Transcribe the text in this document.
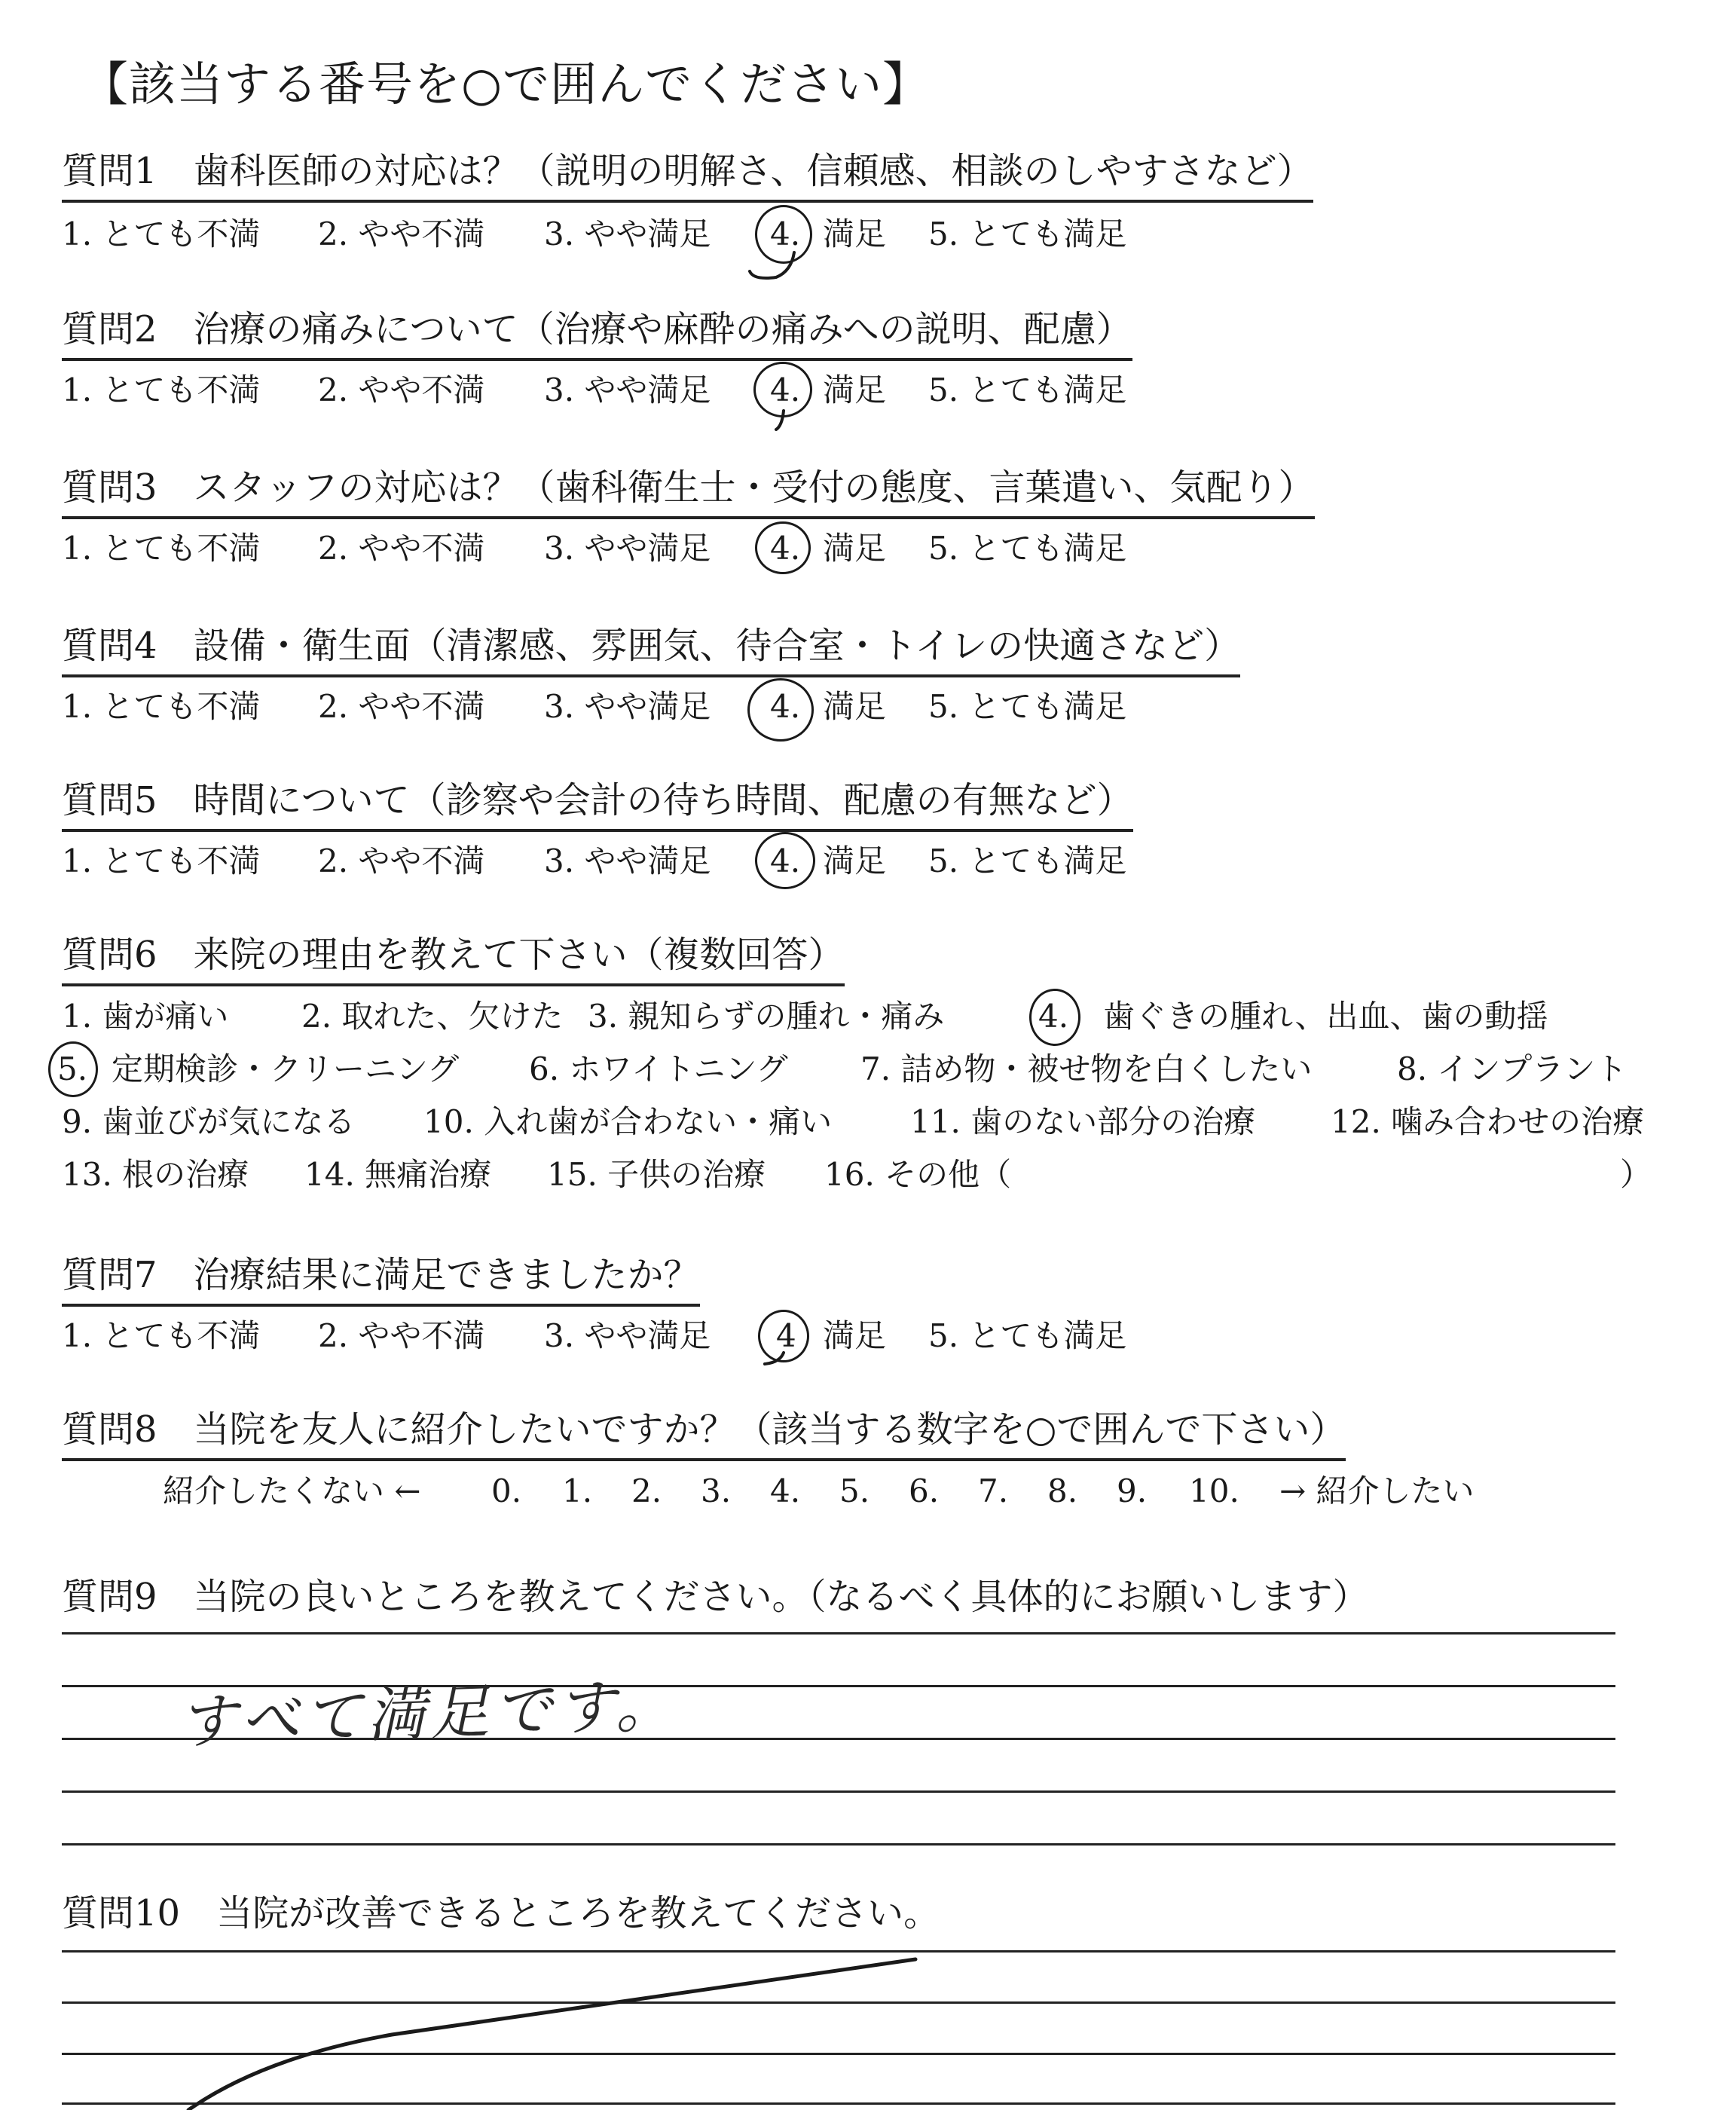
【該当する番号を○で囲んでください】
質問1　歯科医師の対応は？（説明の明解さ、信頼感、相談のしやすさなど）
1. とても不満 2. やや不満 3. やや満足 4. 満足 5. とても満足
質問2　治療の痛みについて（治療や麻酔の痛みへの説明、配慮）
1. とても不満 2. やや不満 3. やや満足 4. 満足 5. とても満足
質問3　スタッフの対応は？（歯科衛生士・受付の態度、言葉遣い、気配り）
1. とても不満 2. やや不満 3. やや満足 4. 満足 5. とても満足
質問4　設備・衛生面（清潔感、雰囲気、待合室・トイレの快適さなど）
1. とても不満 2. やや不満 3. やや満足 4. 満足 5. とても満足
質問5　時間について（診察や会計の待ち時間、配慮の有無など）
1. とても不満 2. やや不満 3. やや満足 4. 満足 5. とても満足
質問6　来院の理由を教えて下さい（複数回答）
1. 歯が痛い 2. 取れた、欠けた 3. 親知らずの腫れ・痛み	4. 歯ぐきの腫れ、出血、歯の動揺
5. 定期検診・クリーニング 6. ホワイトニング 7. 詰め物・被せ物を白くしたい	8. インプラント
9. 歯並びが気になる 10. 入れ歯が合わない・痛い 11. 歯のない部分の治療 12. 噛み合わせの治療
13. 根の治療 14. 無痛治療 15. 子供の治療 16. その他（	）
質問7　治療結果に満足できましたか？
1. とても不満 2. やや不満 3. やや満足 4 満足 5. とても満足
質問8　当院を友人に紹介したいですか？（該当する数字を○で囲んで下さい）
紹介したくない ← 0. 1. 2. 3. 4. 5. 6. 7. 8. 9. 10. → 紹介したい
質問9　当院の良いところを教えてください。（なるべく具体的にお願いします）
すべて満足です。
質問10　当院が改善できるところを教えてください。
